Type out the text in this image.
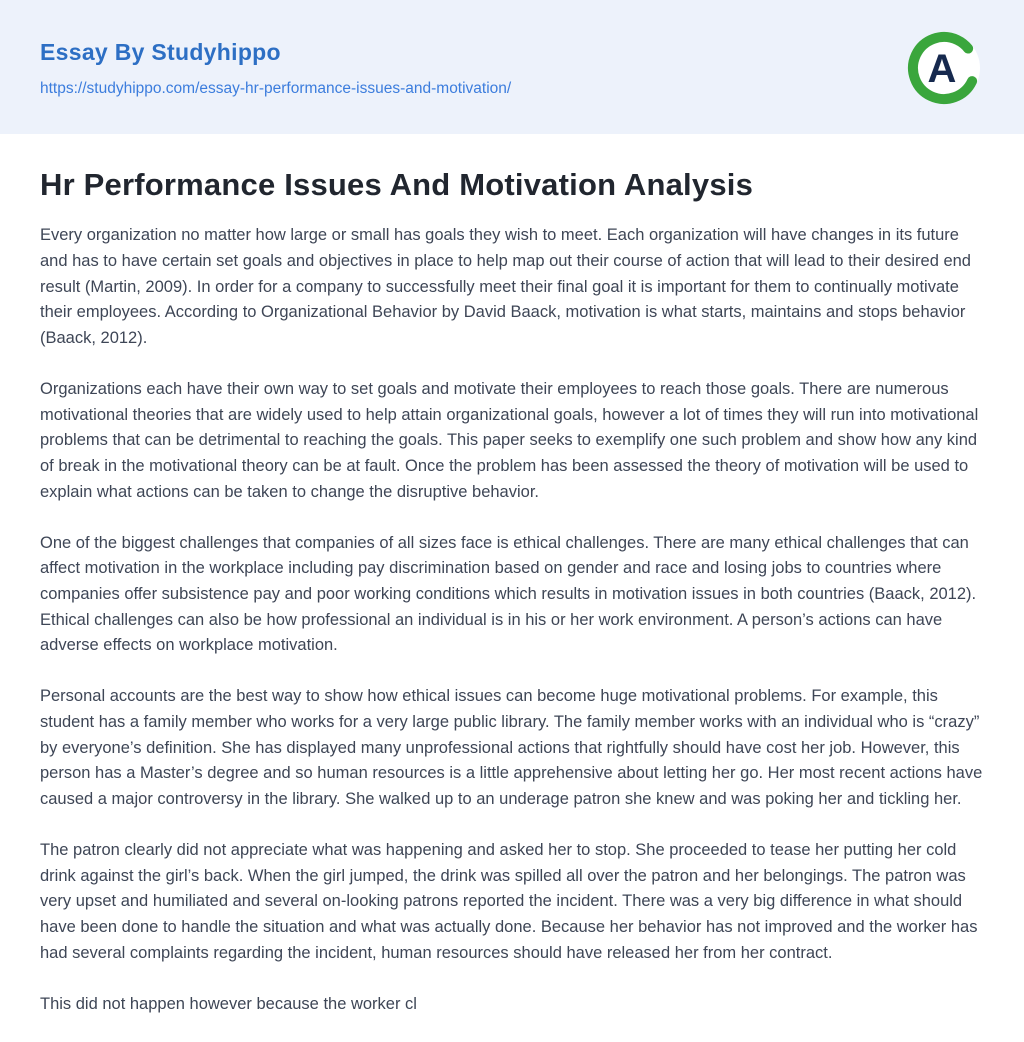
Essay By Studyhippo
https://studyhippo.com/essay-hr-performance-issues-and-motivation/	A
Hr Performance Issues And Motivation Analysis

Every organization no matter how large or small has goals they wish to meet. Each organization will have changes in its future and has to have certain set goals and objectives in place to help map out their course of action that will lead to their desired end result (Martin, 2009). In order for a company to successfully meet their final goal it is important for them to continually motivate their employees. According to Organizational Behavior by David Baack, motivation is what starts, maintains and stops behavior (Baack, 2012).

Organizations each have their own way to set goals and motivate their employees to reach those goals. There are numerous motivational theories that are widely used to help attain organizational goals, however a lot of times they will run into motivational problems that can be detrimental to reaching the goals. This paper seeks to exemplify one such problem and show how any kind of break in the motivational theory can be at fault. Once the problem has been assessed the theory of motivation will be used to explain what actions can be taken to change the disruptive behavior.

One of the biggest challenges that companies of all sizes face is ethical challenges. There are many ethical challenges that can affect motivation in the workplace including pay discrimination based on gender and race and losing jobs to countries where companies offer subsistence pay and poor working conditions which results in motivation issues in both countries (Baack, 2012). Ethical challenges can also be how professional an individual is in his or her work environment. A person’s actions can have adverse effects on workplace motivation.

Personal accounts are the best way to show how ethical issues can become huge motivational problems. For example, this student has a family member who works for a very large public library. The family member works with an individual who is “crazy” by everyone’s definition. She has displayed many unprofessional actions that rightfully should have cost her job. However, this person has a Master’s degree and so human resources is a little apprehensive about letting her go. Her most recent actions have caused a major controversy in the library. She walked up to an underage patron she knew and was poking her and tickling her.

The patron clearly did not appreciate what was happening and asked her to stop. She proceeded to tease her putting her cold drink against the girl’s back. When the girl jumped, the drink was spilled all over the patron and her belongings. The patron was very upset and humiliated and several on-looking patrons reported the incident. There was a very big difference in what should have been done to handle the situation and what was actually done. Because her behavior has not improved and the worker has had several complaints regarding the incident, human resources should have released her from her contract.

This did not happen however because the worker cl
